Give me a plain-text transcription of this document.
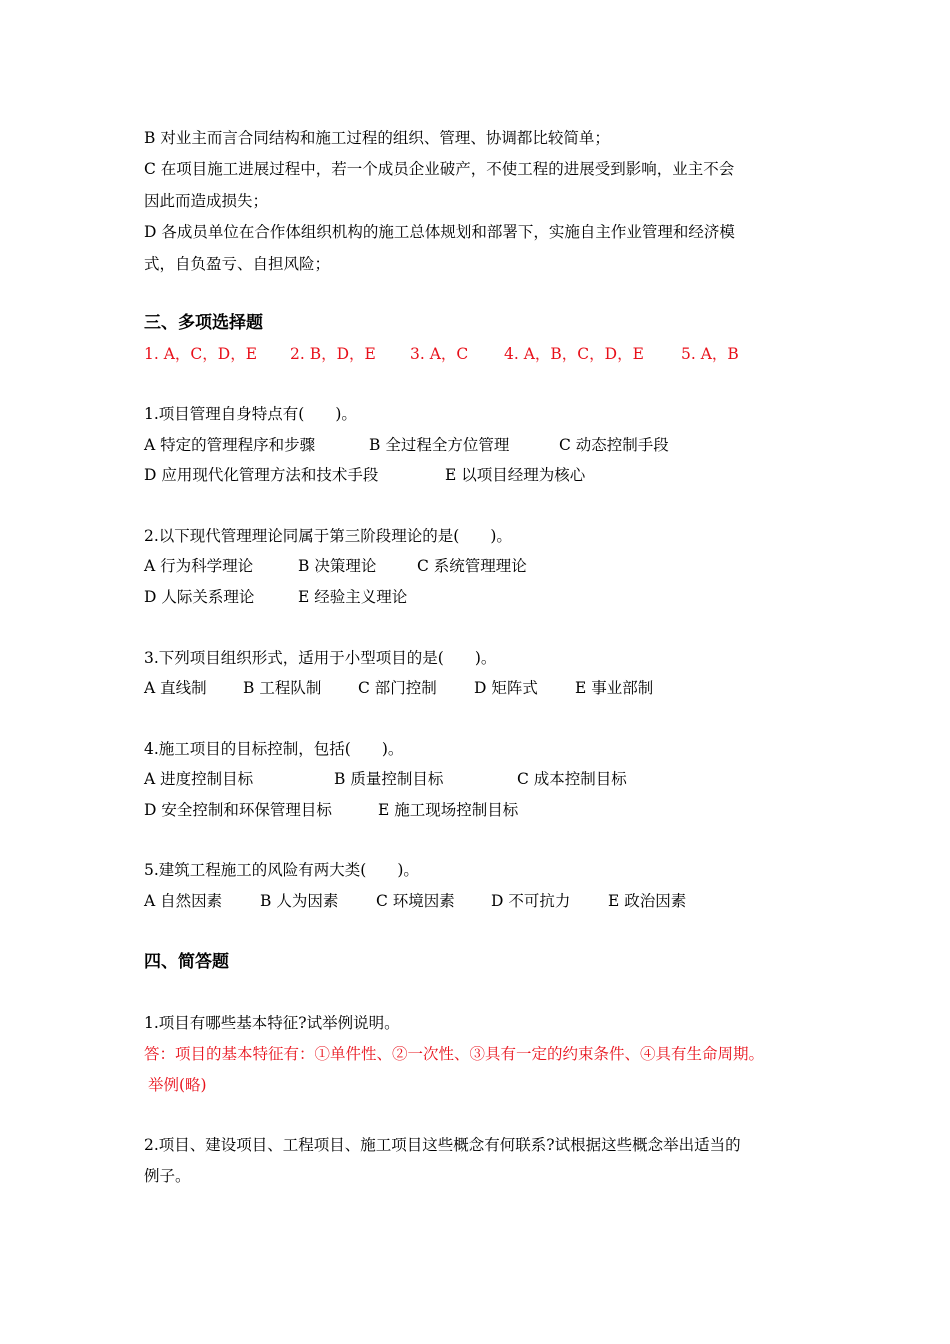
B 对业主而言合同结构和施工过程的组织、管理、协调都比较简单；
C 在项目施工进展过程中，若一个成员企业破产，不使工程的进展受到影响，业主不会
因此而造成损失；
D 各成员单位在合作体组织机构的施工总体规划和部署下，实施自主作业管理和经济模
式，自负盈亏、自担风险；
三、多项选择题
1. A，C，D，E 2. B，D，E 3. A，C 4. A，B，C，D，E 5. A，B
1.项目管理自身特点有(　　)。
A 特定的管理程序和步骤	B 全过程全方位管理	C 动态控制手段
D 应用现代化管理方法和技术手段	E 以项目经理为核心
2.以下现代管理理论同属于第三阶段理论的是(　　)。
A 行为科学理论	B 决策理论	C 系统管理理论
D 人际关系理论	E 经验主义理论
3.下列项目组织形式，适用于小型项目的是(　　)。
A 直线制 B 工程队制 C 部门控制 D 矩阵式 E 事业部制
4.施工项目的目标控制，包括(　　)。
A 进度控制目标	B 质量控制目标	C 成本控制目标
D 安全控制和环保管理目标	E 施工现场控制目标
5.建筑工程施工的风险有两大类(　　)。
A 自然因素 B 人为因素 C 环境因素 D 不可抗力 E 政治因素
四、简答题
1.项目有哪些基本特征?试举例说明。
答：项目的基本特征有：①单件性、②一次性、③具有一定的约束条件、④具有生命周期。
举例(略)
2.项目、建设项目、工程项目、施工项目这些概念有何联系?试根据这些概念举出适当的
例子。
